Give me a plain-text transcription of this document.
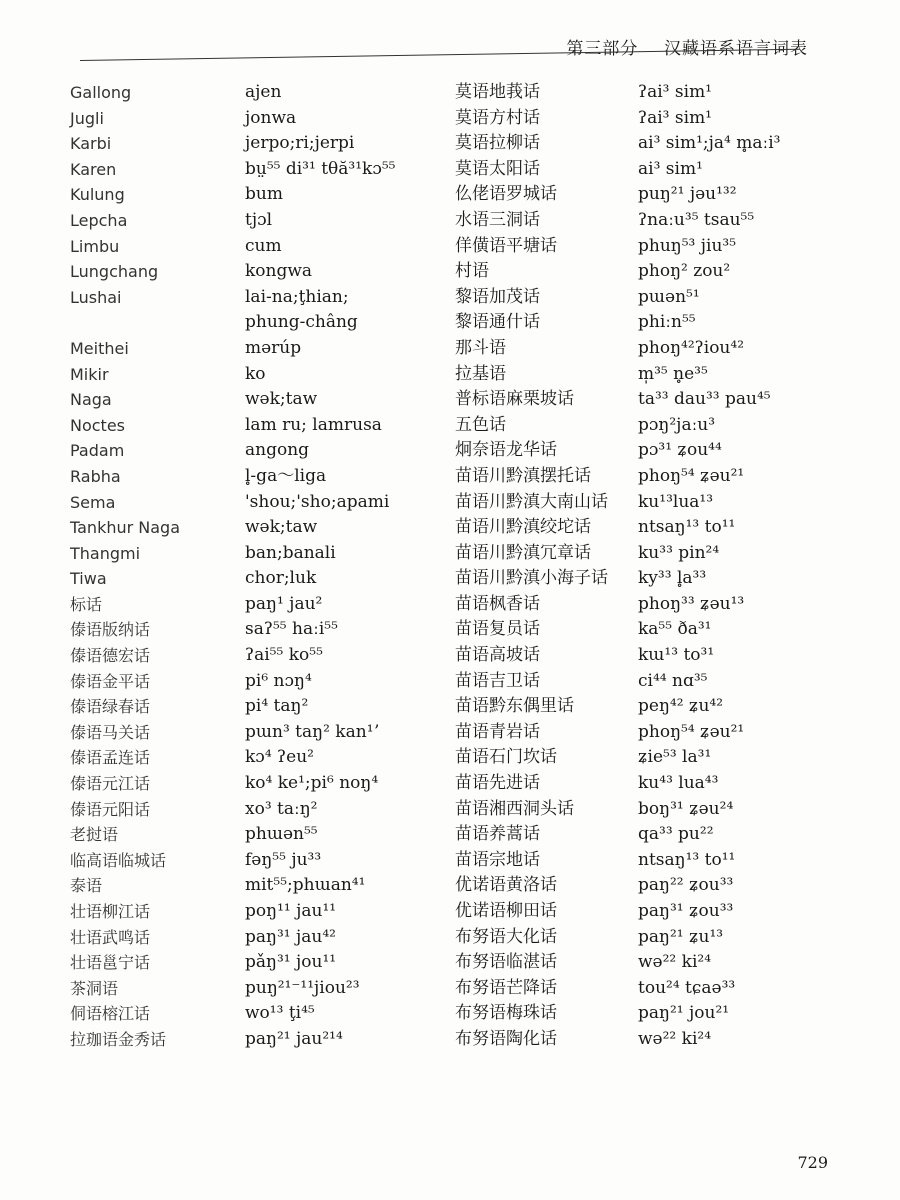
第三部分 汉藏语系语言词表
Gallong
Jugli
Karbi
Karen
Kulung
Lepcha
Limbu
Lungchang
Lushai
Meithei
Mikir
Naga
Noctes
Padam
Rabha
Sema
Tankhur Naga
Thangmi
Tiwa
标话
傣语版纳话
傣语德宏话
傣语金平话
傣语绿春话
傣语马关话
傣语孟连话
傣语元江话
傣语元阳话
老挝语
临高语临城话
泰语
壮语柳江话
壮语武鸣话
壮语邕宁话
茶洞语
侗语榕江话
拉珈语金秀话
ajen
jonwa
jerpo;ri;jerpi
bṳ⁵⁵ di³¹ tθă³¹kɔ⁵⁵
bum
tjɔl
cum
kongwa
lai-na;ţhian;
phung-châng
mərúp
ko
wək;taw
lam ru; lamrusa
angong
l̥-ga～liga
'shou;'sho;apami
wək;taw
ban;banali
chor;luk
paŋ¹ jau²
saʔ⁵⁵ haːi⁵⁵
ʔai⁵⁵ ko⁵⁵
pi⁶ nɔŋ⁴
pi⁴ taŋ²
pɯn³ taŋ² kan¹ʼ
kɔ⁴ ʔeu²
ko⁴ ke¹;pi⁶ noŋ⁴
xo³ taːŋ²
phɯən⁵⁵
fəŋ⁵⁵ ju³³
mit⁵⁵;phɯan⁴¹
poŋ¹¹ jau¹¹
paŋ³¹ jau⁴²
pǎŋ³¹ jou¹¹
puŋ²¹⁻¹¹jiou²³
wo¹³ ţi⁴⁵
paŋ²¹ jau²¹⁴
莫语地莪话
莫语方村话
莫语拉柳话
莫语太阳话
仫佬语罗城话
水语三洞话
佯僙语平塘话
村语
黎语加茂话
黎语通什话
那斗语
拉基语
普标语麻栗坡话
五色话
炯奈语龙华话
苗语川黔滇摆托话
苗语川黔滇大南山话
苗语川黔滇绞坨话
苗语川黔滇冗章话
苗语川黔滇小海子话
苗语枫香话
苗语复员话
苗语高坡话
苗语吉卫话
苗语黔东偶里话
苗语青岩话
苗语石门坎话
苗语先进话
苗语湘西洞头话
苗语养蒿话
苗语宗地话
优诺语黄洛话
优诺语柳田话
布努语大化话
布努语临湛话
布努语芒降话
布努语梅珠话
布努语陶化话
ʔai³ sim¹
ʔai³ sim¹
ai³ sim¹;ja⁴ m̥aːi³
ai³ sim¹
puŋ²¹ jəu¹³²
ʔnaːu³⁵ tsau⁵⁵
phuŋ⁵³ jiu³⁵
phoŋ² zou²
pɯən⁵¹
phiːn⁵⁵
phoŋ⁴²ʔiou⁴²
m̩³⁵ n̥e³⁵
ta³³ dau³³ pau⁴⁵
pɔŋ²jaːu³
pɔ³¹ ʑou⁴⁴
phoŋ⁵⁴ ʑəu²¹
ku¹³lua¹³
ntsaŋ¹³ to¹¹
ku³³ pin²⁴
ky³³ l̥a³³
phoŋ³³ ʑəu¹³
ka⁵⁵ ða³¹
kɯ¹³ to³¹
ci⁴⁴ nɑ³⁵
peŋ⁴² ʑu⁴²
phoŋ⁵⁴ ʑəu²¹
ʑie⁵³ la³¹
ku⁴³ lua⁴³
boŋ³¹ ʑəu²⁴
qa³³ pu²²
ntsaŋ¹³ to¹¹
paŋ²² ʑou³³
paŋ³¹ ʑou³³
paŋ²¹ ʑu¹³
wə²² ki²⁴
tou²⁴ tɕaə³³
paŋ²¹ jou²¹
wə²² ki²⁴
729
